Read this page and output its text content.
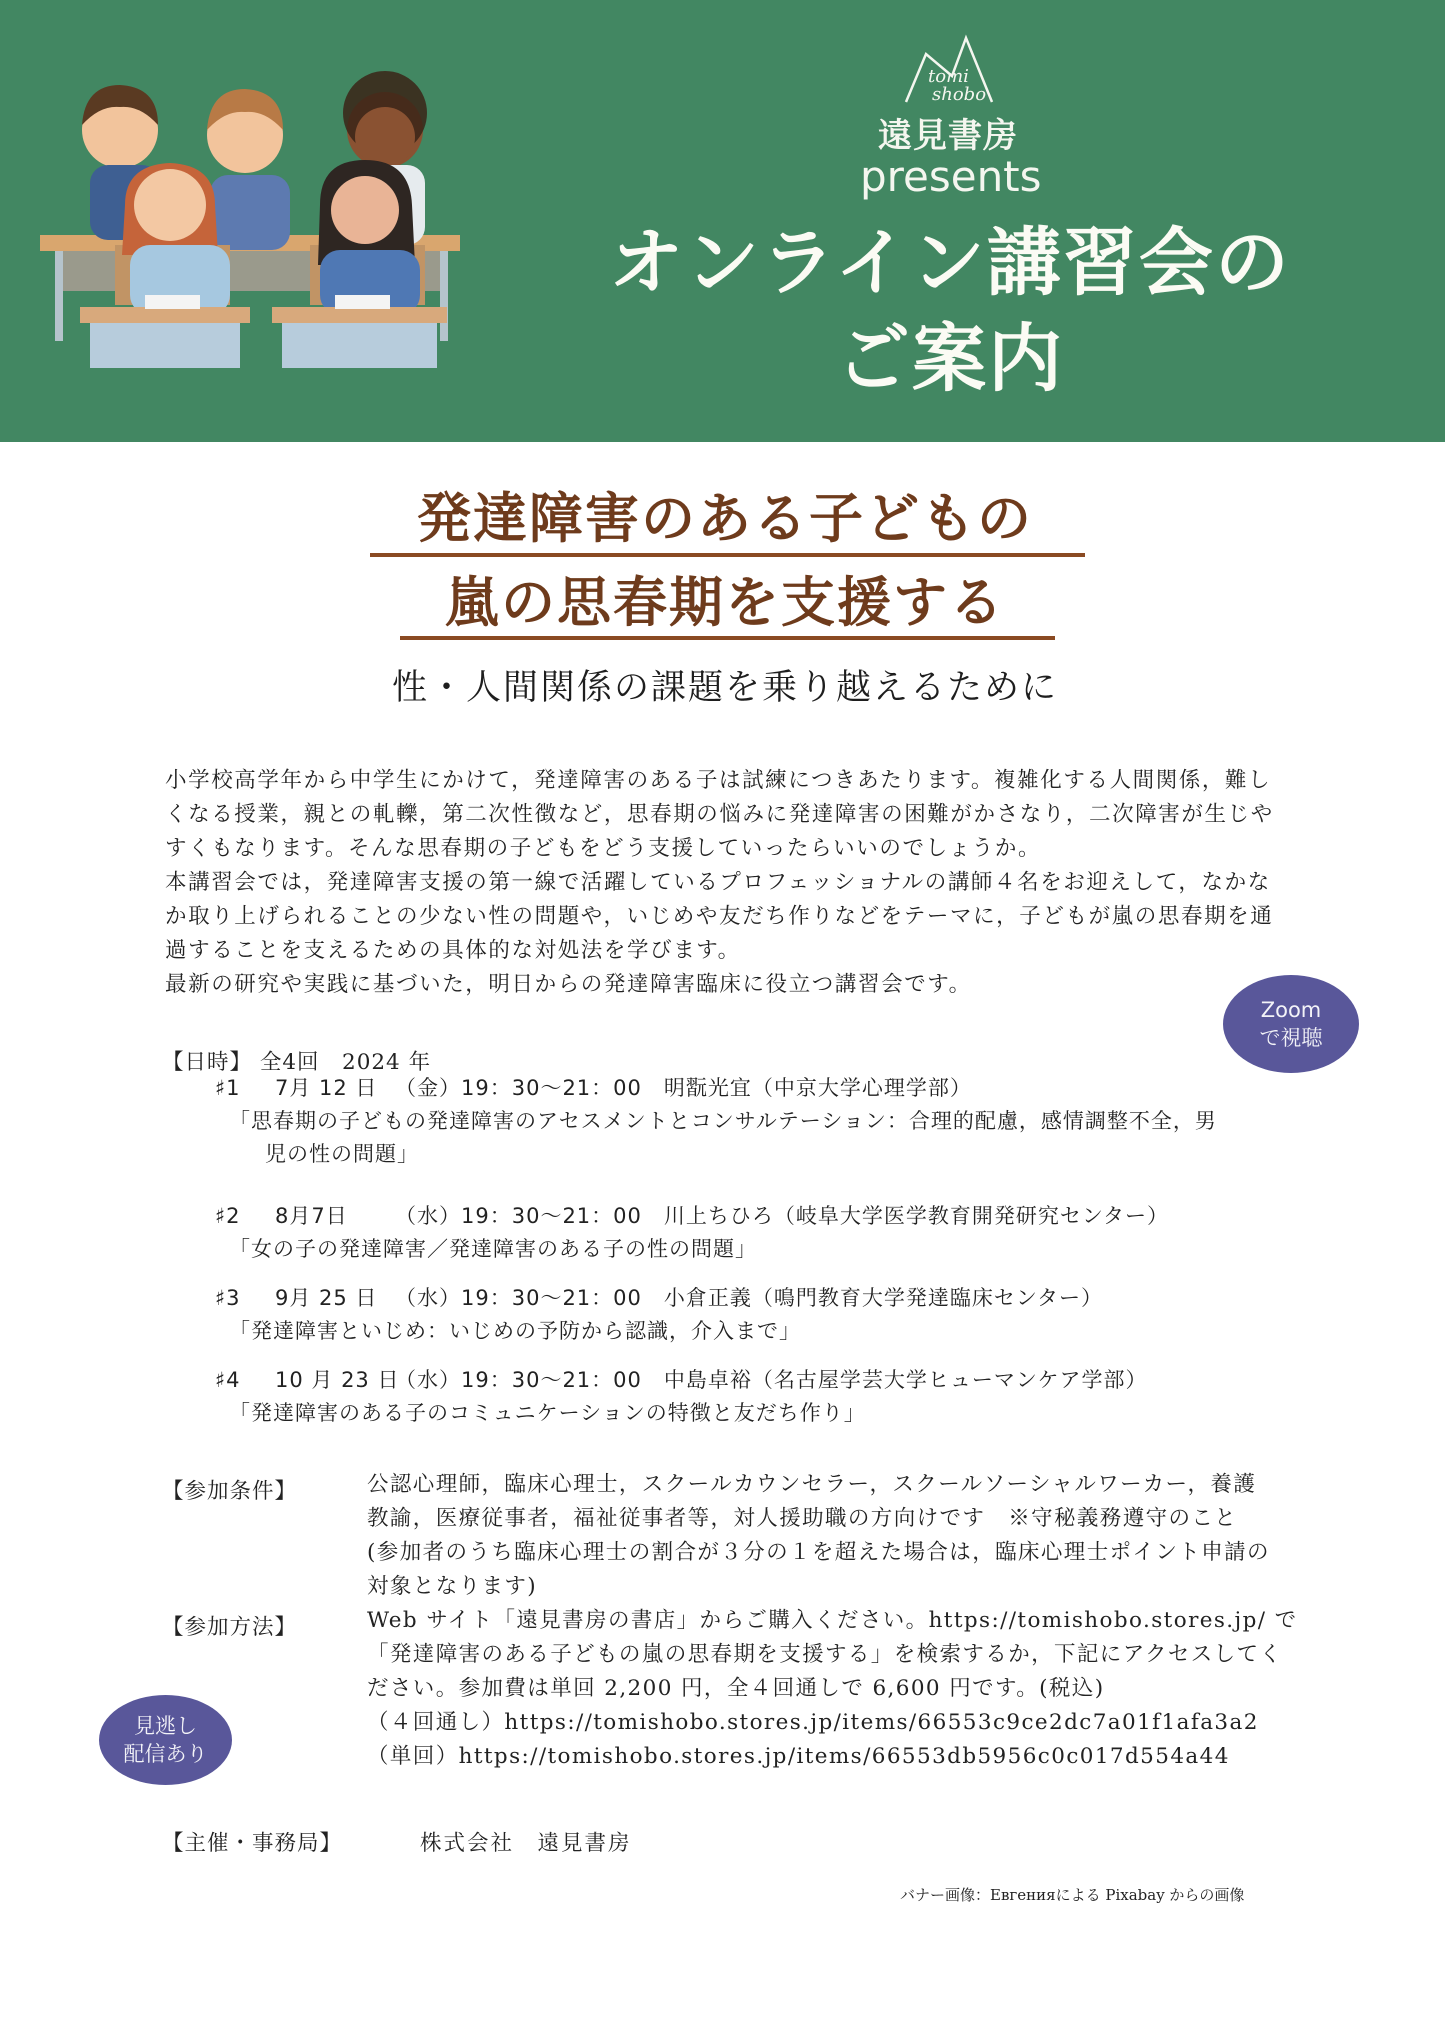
tomi
shobo
遠見書房
presents
オンライン講習会の
ご案内
発達障害のある子どもの
嵐の思春期を支援する
性・人間関係の課題を乗り越えるために

小学校高学年から中学生にかけて，発達障害のある子は試練につきあたります。複雑化する人間関係，難し

くなる授業，親との軋轢，第二次性徴など，思春期の悩みに発達障害の困難がかさなり，二次障害が生じや

すくもなります。そんな思春期の子どもをどう支援していったらいいのでしょうか。

本講習会では，発達障害支援の第一線で活躍しているプロフェッショナルの講師４名をお迎えして，なかな

か取り上げられることの少ない性の問題や，いじめや友だち作りなどをテーマに，子どもが嵐の思春期を通

過することを支えるための具体的な対処法を学びます。

最新の研究や実践に基づいた，明日からの発達障害臨床に役立つ講習会です。

Zoom
で視聴
【日時】 全4回　2024 年
♯1 7月 12 日 （金）19：30～21：00　 明翫光宜（中京大学心理学部）
「思春期の子どもの発達障害のアセスメントとコンサルテーション：合理的配慮，感情調整不全，男
児の性の問題」
♯2 8月7日 （水）19：30～21：00　 川上ちひろ（岐阜大学医学教育開発研究センター）
「女の子の発達障害／発達障害のある子の性の問題」
♯3 9月 25 日 （水）19：30～21：00　 小倉正義（鳴門教育大学発達臨床センター）
「発達障害といじめ：いじめの予防から認識，介入まで」
♯4 10 月 23 日（水）19：30～21：00　 中島卓裕（名古屋学芸大学ヒューマンケア学部）
「発達障害のある子のコミュニケーションの特徴と友だち作り」
【参加条件】	公認心理師，臨床心理士，スクールカウンセラー，スクールソーシャルワーカー，養護

教諭，医療従事者，福祉従事者等，対人援助職の方向けです　※守秘義務遵守のこと

(参加者のうち臨床心理士の割合が３分の１を超えた場合は，臨床心理士ポイント申請の

対象となります)

【参加方法】	Web サイト「遠見書房の書店」からご購入ください。https://tomishobo.stores.jp/ で

「発達障害のある子どもの嵐の思春期を支援する」を検索するか，下記にアクセスしてく

ださい。参加費は単回 2,200 円，全４回通しで 6,600 円です。(税込)

（４回通し）https://tomishobo.stores.jp/items/66553c9ce2dc7a01f1afa3a2

（単回）https://tomishobo.stores.jp/items/66553db5956c0c017d554a44

見逃し
配信あり
【主催・事務局】	株式会社　遠見書房
バナー画像：Евгенияによる Pixabay からの画像
